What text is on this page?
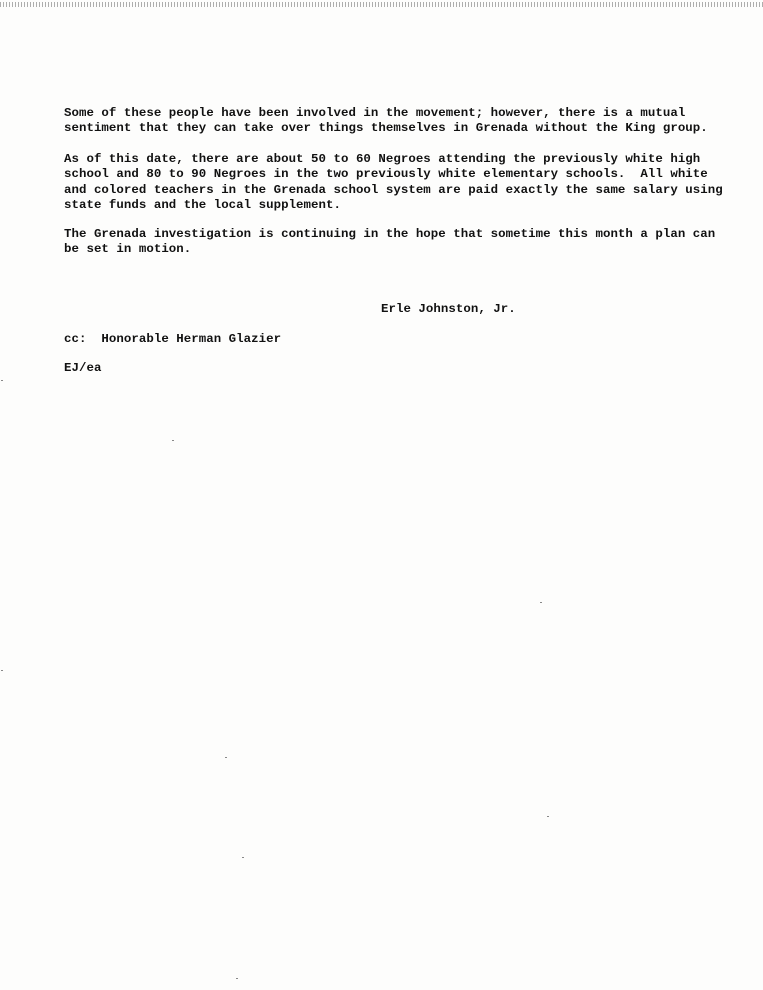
Some of these people have been involved in the movement; however, there is a mutual
sentiment that they can take over things themselves in Grenada without the King group.

As of this date, there are about 50 to 60 Negroes attending the previously white high
school and 80 to 90 Negroes in the two previously white elementary schools.  All white
and colored teachers in the Grenada school system are paid exactly the same salary using
state funds and the local supplement.

The Grenada investigation is continuing in the hope that sometime this month a plan can
be set in motion.

Erle Johnston, Jr.

cc:  Honorable Herman Glazier

EJ/ea
